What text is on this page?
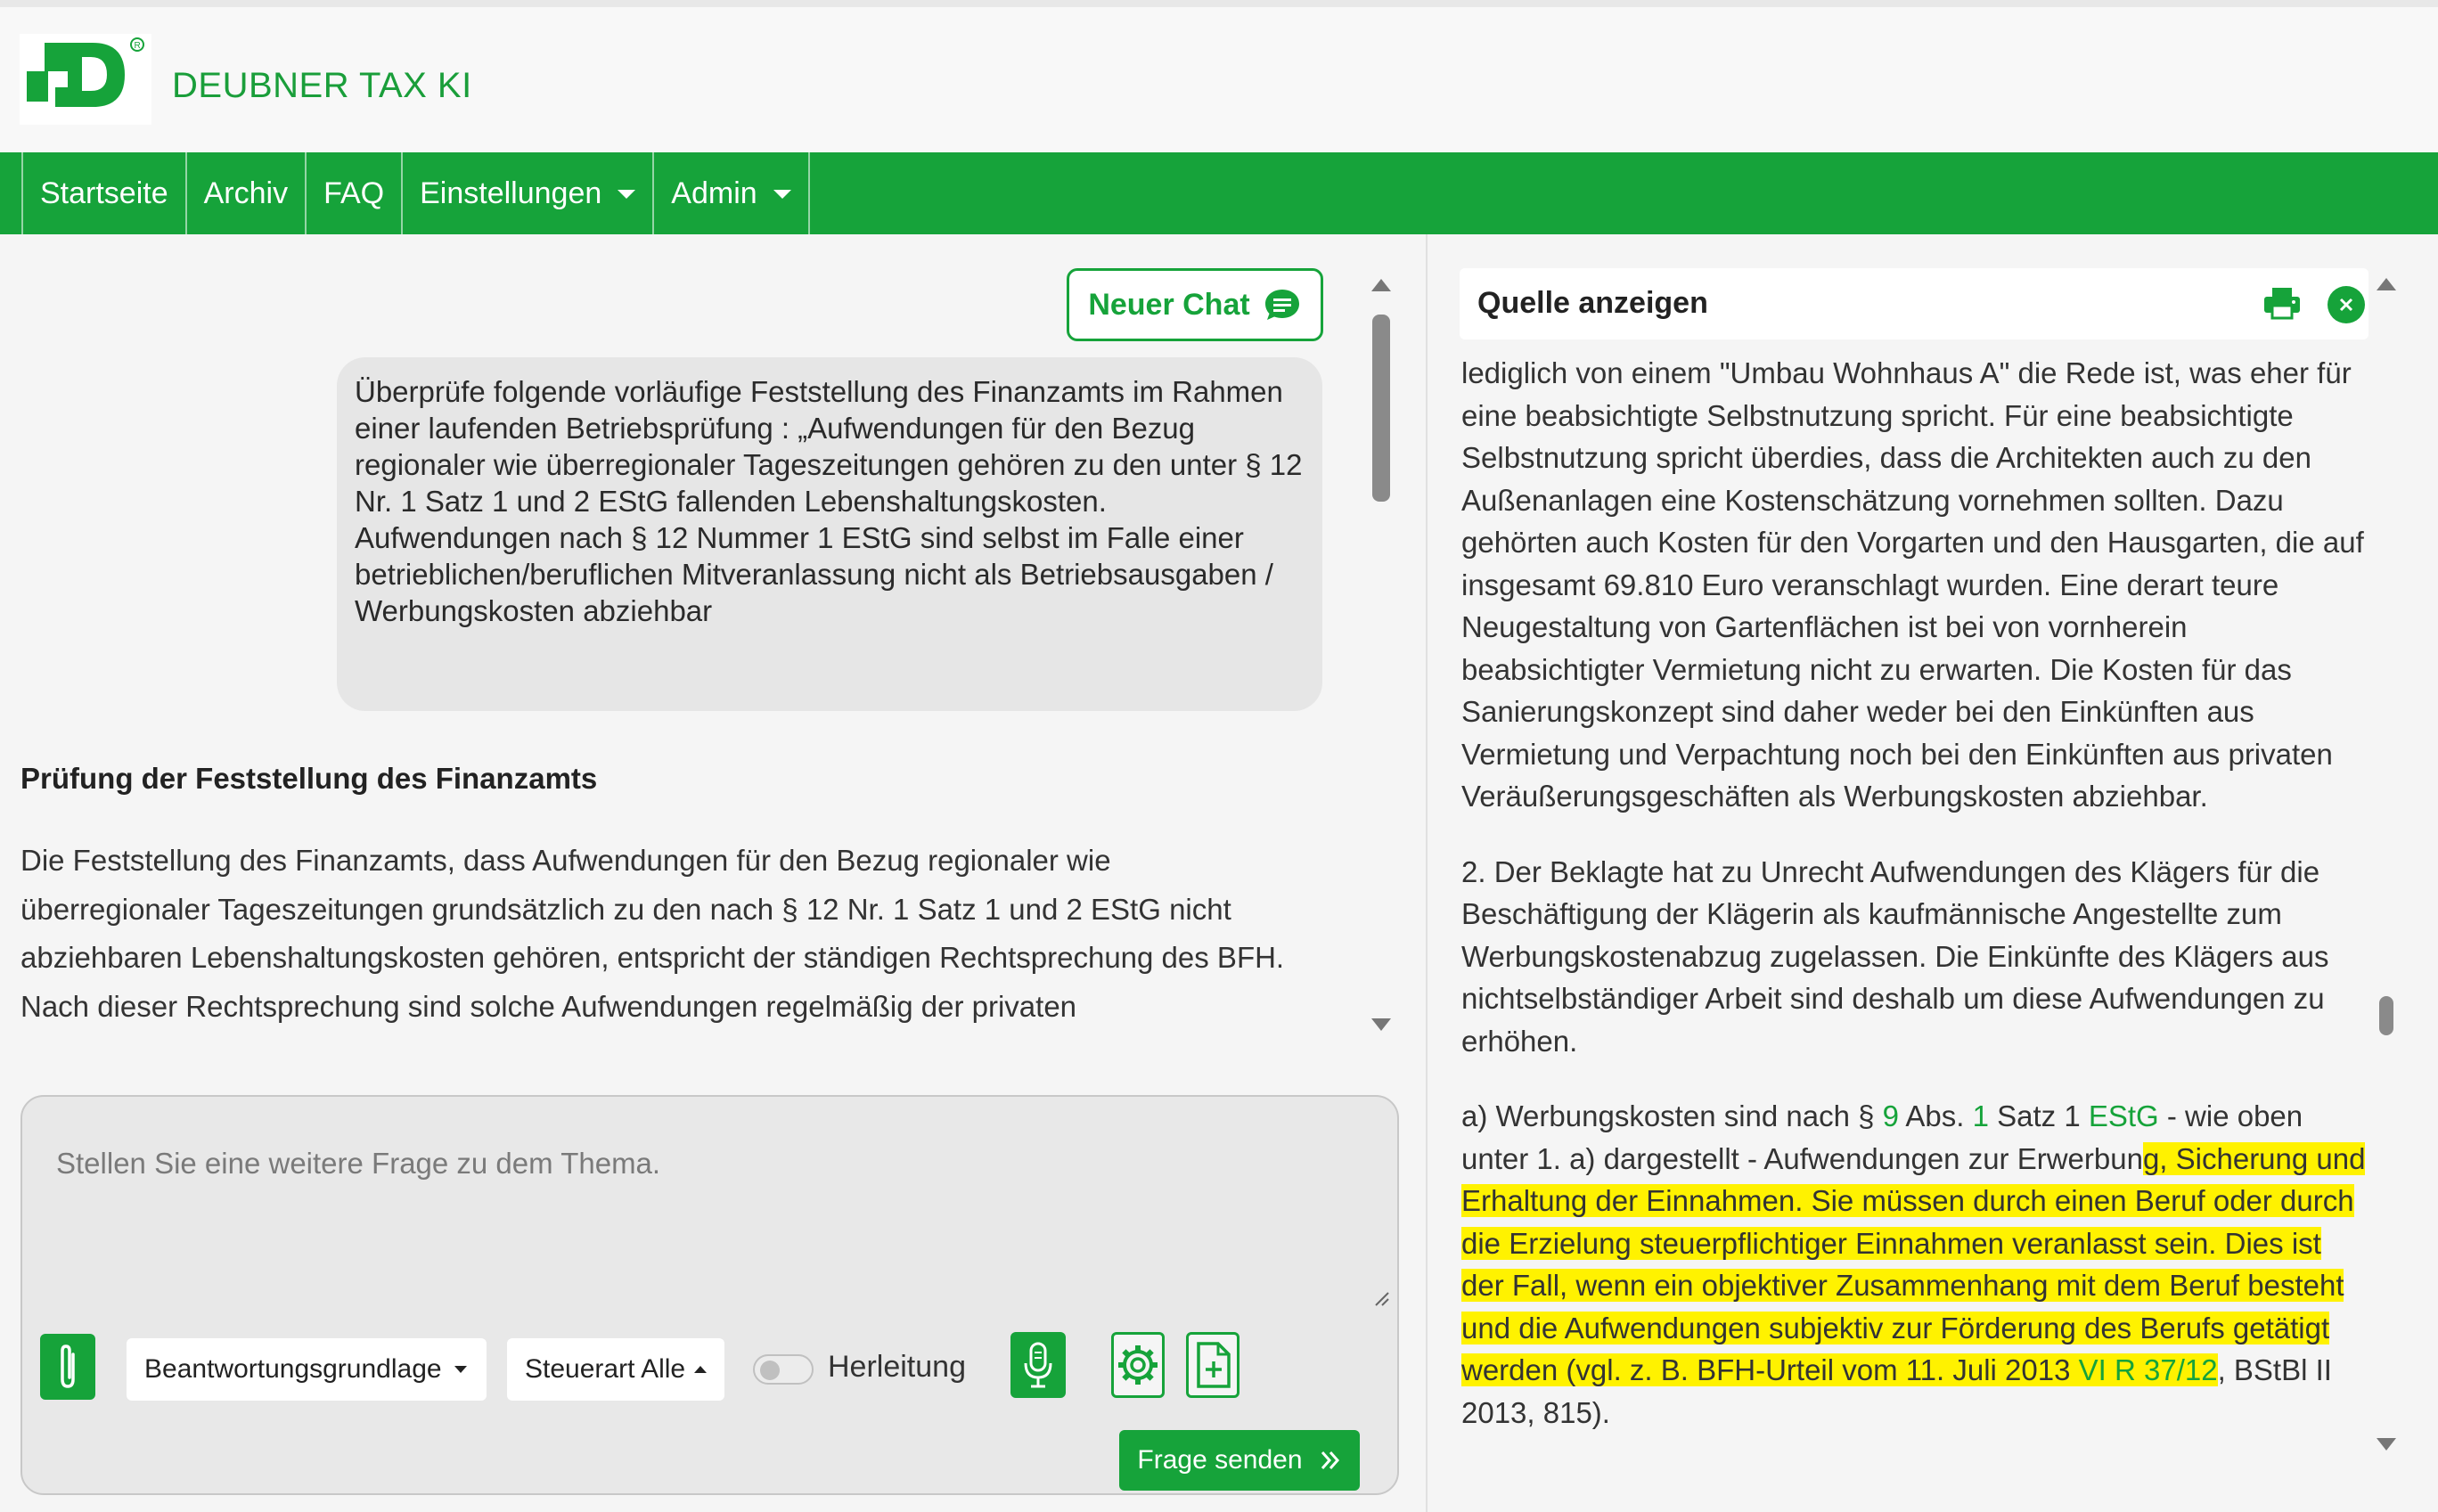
R
DEUBNER TAX KI
Startseite Archiv FAQ Einstellungen Admin
Neuer Chat
Überprüfe folgende vorläufige Feststellung des Finanzamts im Rahmen einer laufenden Betriebsprüfung : „Aufwendungen für den Bezug regionaler wie überregionaler Tageszeitungen gehören zu den unter § 12 Nr. 1 Satz 1 und 2 EStG fallenden Lebenshaltungskosten. Aufwendungen nach § 12 Nummer 1 EStG sind selbst im Falle einer betrieblichen/beruflichen Mitveranlassung nicht als Betriebsausgaben / Werbungskosten abziehbar
Prüfung der Feststellung des Finanzamts
Die Feststellung des Finanzamts, dass Aufwendungen für den Bezug regionaler wie überregionaler Tageszeitungen grundsätzlich zu den nach § 12 Nr. 1 Satz 1 und 2 EStG nicht abziehbaren Lebenshaltungskosten gehören, entspricht der ständigen Rechtsprechung des BFH. Nach dieser Rechtsprechung sind solche Aufwendungen regelmäßig der privaten
Stellen Sie eine weitere Frage zu dem Thema.
Beantwortungsgrundlage	Steuerart Alle	Herleitung
Frage senden
Quelle anzeigen

lediglich von einem "Umbau Wohnhaus A" die Rede ist, was eher für eine beabsichtigte Selbstnutzung spricht. Für eine beabsichtigte Selbstnutzung spricht überdies, dass die Architekten auch zu den Außenanlagen eine Kostenschätzung vornehmen sollten. Dazu gehörten auch Kosten für den Vorgarten und den Hausgarten, die auf insgesamt 69.810 Euro veranschlagt wurden. Eine derart teure Neugestaltung von Gartenflächen ist bei von vornherein beabsichtigter Vermietung nicht zu erwarten. Die Kosten für das Sanierungskonzept sind daher weder bei den Einkünften aus Vermietung und Verpachtung noch bei den Einkünften aus privaten Veräußerungsgeschäften als Werbungskosten abziehbar.

2. Der Beklagte hat zu Unrecht Aufwendungen des Klägers für die Beschäftigung der Klägerin als kaufmännische Angestellte zum Werbungskostenabzug zugelassen. Die Einkünfte des Klägers aus nichtselbständiger Arbeit sind deshalb um diese Aufwendungen zu erhöhen.

a) Werbungskosten sind nach § 9 Abs. 1 Satz 1 EStG - wie oben unter 1. a) dargestellt - Aufwendungen zur Erwerbung, Sicherung und Erhaltung der Einnahmen. Sie müssen durch einen Beruf oder durch die Erzielung steuerpflichtiger Einnahmen veranlasst sein. Dies ist der Fall, wenn ein objektiver Zusammenhang mit dem Beruf besteht und die Aufwendungen subjektiv zur Förderung des Berufs getätigt werden (vgl. z. B. BFH-Urteil vom 11. Juli 2013 VI R 37/12, BStBl II 2013, 815).
